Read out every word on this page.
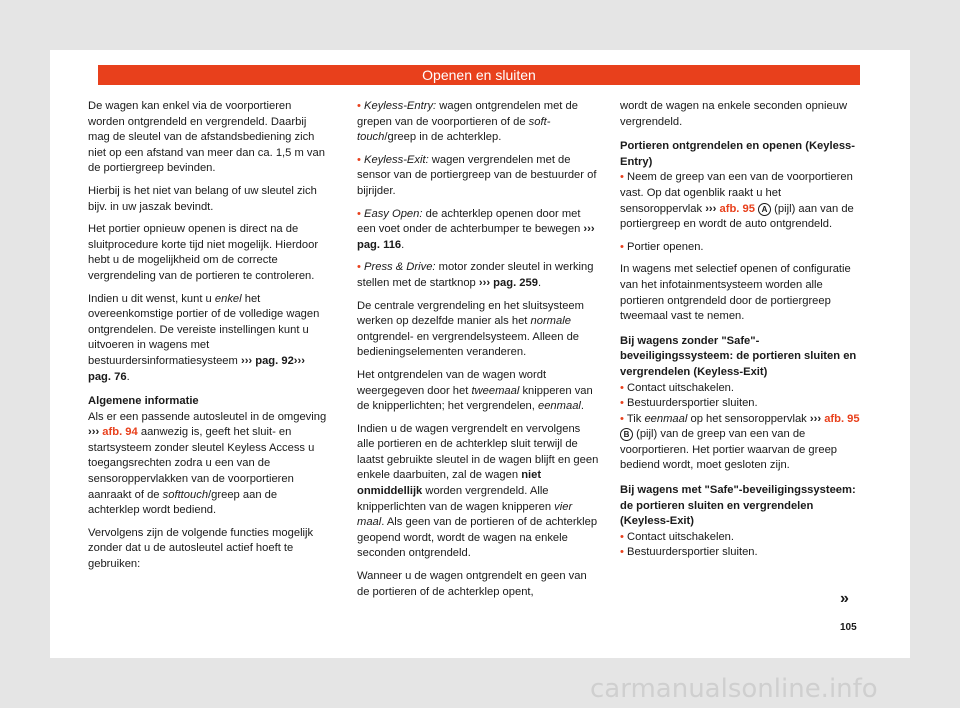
Openen en sluiten

De wagen kan enkel via de voorportieren worden ontgrendeld en vergrendeld. Daarbij mag de sleutel van de afstandsbediening zich niet op een afstand van meer dan ca. 1,5 m van de portiergreep bevinden.

Hierbij is het niet van belang of uw sleutel zich bijv. in uw jaszak bevindt.

Het portier opnieuw openen is direct na de sluitprocedure korte tijd niet mogelijk. Hierdoor hebt u de mogelijkheid om de correcte vergrendeling van de portieren te controleren.

Indien u dit wenst, kunt u enkel het overeenkomstige portier of de volledige wagen ontgrendelen. De vereiste instellingen kunt u uitvoeren in wagens met bestuurdersinformatiesysteem ››› pag. 92››› pag. 76.

Algemene informatie

Als er een passende autosleutel in de omgeving ››› afb. 94 aanwezig is, geeft het sluit- en startsysteem zonder sleutel Keyless Access u toegangsrechten zodra u een van de sensoroppervlakken van de voorportieren aanraakt of de softtouch/greep aan de achterklep wordt bediend.

Vervolgens zijn de volgende functies mogelijk zonder dat u de autosleutel actief hoeft te gebruiken:

• Keyless-Entry: wagen ontgrendelen met de grepen van de voorportieren of de soft-touch/greep in de achterklep.

• Keyless-Exit: wagen vergrendelen met de sensor van de portiergreep van de bestuurder of bijrijder.

• Easy Open: de achterklep openen door met een voet onder de achterbumper te bewegen ››› pag. 116.

• Press & Drive: motor zonder sleutel in werking stellen met de startknop ››› pag. 259.

De centrale vergrendeling en het sluitsysteem werken op dezelfde manier als het normale ontgrendel- en vergrendelsysteem. Alleen de bedieningselementen veranderen.

Het ontgrendelen van de wagen wordt weergegeven door het tweemaal knipperen van de knipperlichten; het vergrendelen, eenmaal.

Indien u de wagen vergrendelt en vervolgens alle portieren en de achterklep sluit terwijl de laatst gebruikte sleutel in de wagen blijft en geen enkele daarbuiten, zal de wagen niet onmiddellijk worden vergrendeld. Alle knipperlichten van de wagen knipperen vier maal. Als geen van de portieren of de achterklep geopend wordt, wordt de wagen na enkele seconden ontgrendeld.

Wanneer u de wagen ontgrendelt en geen van de portieren of de achterklep opent,

wordt de wagen na enkele seconden opnieuw vergrendeld.

Portieren ontgrendelen en openen (Keyless-Entry)

• Neem de greep van een van de voorportieren vast. Op dat ogenblik raakt u het sensoroppervlak ››› afb. 95 A (pijl) aan van de portiergreep en wordt de auto ontgrendeld.

• Portier openen.

In wagens met selectief openen of configuratie van het infotainmentsysteem worden alle portieren ontgrendeld door de portiergreep tweemaal vast te nemen.

Bij wagens zonder "Safe"-beveiligingssysteem: de portieren sluiten en vergrendelen (Keyless-Exit)

• Contact uitschakelen.

• Bestuurdersportier sluiten.

• Tik eenmaal op het sensoroppervlak ››› afb. 95 B (pijl) van de greep van een van de voorportieren. Het portier waarvan de greep bediend wordt, moet gesloten zijn.

Bij wagens met "Safe"-beveiligingssysteem: de portieren sluiten en vergrendelen (Keyless-Exit)

• Contact uitschakelen.

• Bestuurdersportier sluiten.

»
105
carmanualsonline.info
